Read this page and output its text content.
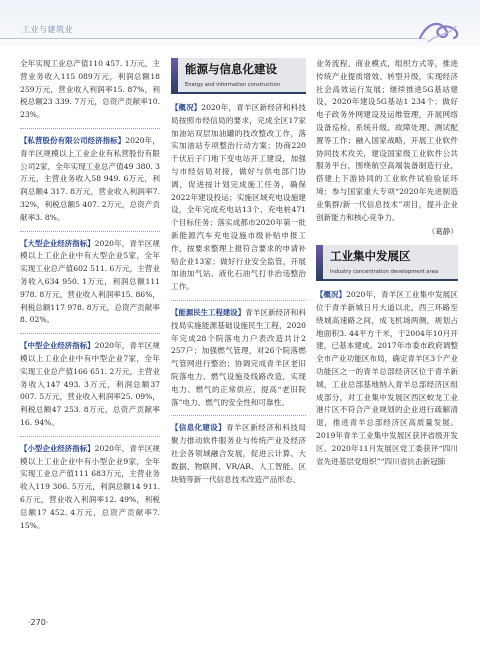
工业与建筑业

全年实现工业总产值110 457. 1万元，主营业务收入115 089万元，利润总额18 259万元，营业收入利润率15. 87%，利税总额23 339. 7万元，总资产贡献率10. 23%。

【私营股份有限公司经济指标】2020年，青羊区规模以上工业企业有私营股份有限公司2家，全年实现工业总产值49 380. 3万元，主营业务收入58 949. 6万元，利润总额4 317. 8万元，营业收入利润率7. 32%，利税总额5 407. 2万元，总资产贡献率3. 8%。

【大型企业经济指标】2020年，青羊区规模以上工业企业中有大型企业5家，全年实现工业总产值602 511. 6万元，主营业务收入634 950. 1万元，利润总额111 978. 8万元，营业收入利润率15. 86%，利税总额117 978. 8万元，总资产贡献率8. 02%。

【中型企业经济指标】2020年，青羊区规模以上工业企业中有中型企业7家，全年实现工业总产值166 651. 2万元，主营业务收入147 493. 3万元，利润总额37 007. 5万元，营业收入利润率25. 09%，利税总额47 253. 8万元，总资产贡献率16. 94%。

【小型企业经济指标】2020年，青羊区规模以上工业企业中有小型企业9家，全年实现工业总产值111 683万元，主营业务收入119 306. 5万元，利润总额14 911. 6万元，营业收入利润率12. 49%，利税总额17 452. 4万元，总资产贡献率7. 15%。

能源与信息化建设
Energy and information construction

【概况】2020年，青羊区新经济和科技局按照市经信局的要求，完成全区17家加油站双层加油罐的技改整改工作，落实加油站专项整治行动方案；协商220千伏后子门地下变电站开工建设，加强与市经信局对接，做好与供电部门协调，促进按计划完成施工任务，确保2022年建设投运；实施区域充电设施建设，全年完成充电站13个、充电桩471个目标任务；落实成都市2020年第一批新能源汽车充电设施市级补贴申报工作，按要求整理上报符合要求的申请补贴企业13家；做好行业安全监管，开展加油加气站、液化石油气打非治违整治工作。

【能源民生工程建设】青羊区新经济和科技局实施能源基础设施民生工程，2020年完成28个院落电力户表改造共计2 257户；加强燃气管理，对26个院落燃气管网进行整治；协调完成青羊区老旧院落电力、燃气设施及线路改造，实现电力、燃气的正常供应，提高“老旧院落”电力、燃气的安全性和可靠性。

【信息化建设】青羊区新经济和科技局聚力推动软件服务业与传统产业及经济社会各领域融合发展，促进云计算、大数据、物联网、VR/AR、人工智能、区块链等新一代信息技术改造产品形态、

业务流程、商业模式，组织方式等，推进传统产业提质增效、转型升级，实现经济社会高效运行发展；继续推进5G基站建设，2020年建设5G基站1 234个；做好电子政务外网建设及运维管理，开展网络设备巡检、系统升级、故障处理、测试配置等工作；融入国家战略，开展工业软件协同技术攻关，建设国家级工业软件公共服务平台，围绕航空高端装备制造行业，搭建上下游协同的工业软件试验验证环境；参与国家重大专项“2020年先进制造业集群/新一代信息技术”项目，提升企业创新能力和核心竞争力。

（葛静）
工业集中发展区
Industry concentration development area

【概况】2020年，青羊区工业集中发展区位于青羊新城日月大道以北，西三环路至绕城高速路之间，成飞机场两侧，规划占地面积3. 44平方千米，于2004年10月开建，已基本建成。2017年市委市政府调整全市产业功能区布局，确定青羊区3个产业功能区之一的青羊总部经济区位于青羊新城，工业总部基地纳入青羊总部经济区组成部分，对工业集中发展区西区蛟龙工业港片区不符合产业规划的企业进行疏解清退，推进青羊总部经济区高质量发展。2019年青羊工业集中发展区获评省级开发区。2020年11月发展区党工委获评“四川省先进基层党组织”“四川省抗击新冠肺

·270·
